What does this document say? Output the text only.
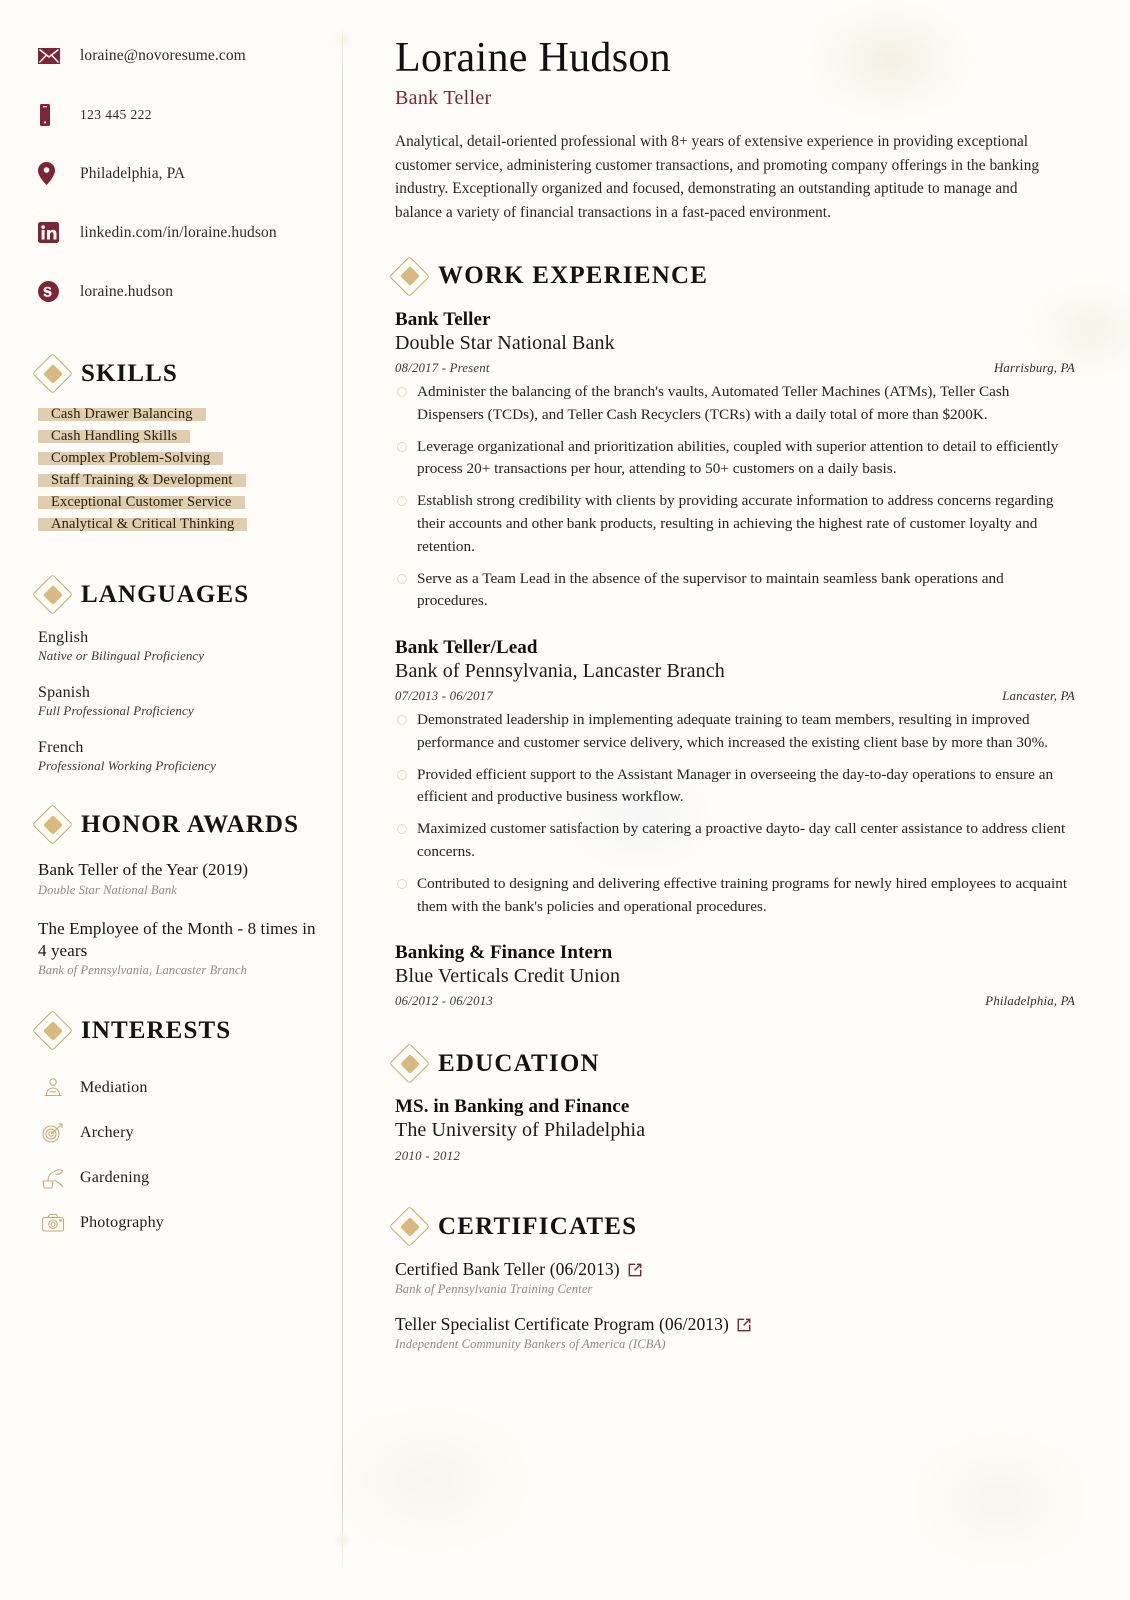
loraine@novoresume.com
123 445 222
Philadelphia, PA
linkedin.com/in/loraine.hudson
loraine.hudson
SKILLS
Cash Drawer Balancing
Cash Handling Skills
Complex Problem-Solving
Staff Training & Development
Exceptional Customer Service
Analytical & Critical Thinking
LANGUAGES
English
Native or Bilingual Proficiency
Spanish
Full Professional Proficiency
French
Professional Working Proficiency
HONOR AWARDS
Bank Teller of the Year (2019)
Double Star National Bank
The Employee of the Month - 8 times in 4 years
Bank of Pennsylvania, Lancaster Branch
INTERESTS
Mediation
Archery
Gardening
Photography
Loraine Hudson
Bank Teller

Analytical, detail-oriented professional with 8+ years of extensive experience in providing exceptional customer service, administering customer transactions, and promoting company offerings in the banking industry. Exceptionally organized and focused, demonstrating an outstanding aptitude to manage and balance a variety of financial transactions in a fast-paced environment.

WORK EXPERIENCE
Bank Teller
Double Star National Bank
08/2017 - Present	Harrisburg, PA
Administer the balancing of the branch's vaults, Automated Teller Machines (ATMs), Teller Cash Dispensers (TCDs), and Teller Cash Recyclers (TCRs) with a daily total of more than $200K.
Leverage organizational and prioritization abilities, coupled with superior attention to detail to efficiently process 20+ transactions per hour, attending to 50+ customers on a daily basis.
Establish strong credibility with clients by providing accurate information to address concerns regarding their accounts and other bank products, resulting in achieving the highest rate of customer loyalty and retention.
Serve as a Team Lead in the absence of the supervisor to maintain seamless bank operations and procedures.
Bank Teller/Lead
Bank of Pennsylvania, Lancaster Branch
07/2013 - 06/2017	Lancaster, PA
Demonstrated leadership in implementing adequate training to team members, resulting in improved performance and customer service delivery, which increased the existing client base by more than 30%.
Provided efficient support to the Assistant Manager in overseeing the day-to-day operations to ensure an efficient and productive business workflow.
Maximized customer satisfaction by catering a proactive dayto- day call center assistance to address client concerns.
Contributed to designing and delivering effective training programs for newly hired employees to acquaint them with the bank's policies and operational procedures.
Banking & Finance Intern
Blue Verticals Credit Union
06/2012 - 06/2013	Philadelphia, PA
EDUCATION
MS. in Banking and Finance
The University of Philadelphia
2010 - 2012
CERTIFICATES
Certified Bank Teller (06/2013)
Bank of Pennsylvania Training Center
Teller Specialist Certificate Program (06/2013)
Independent Community Bankers of America (ICBA)
